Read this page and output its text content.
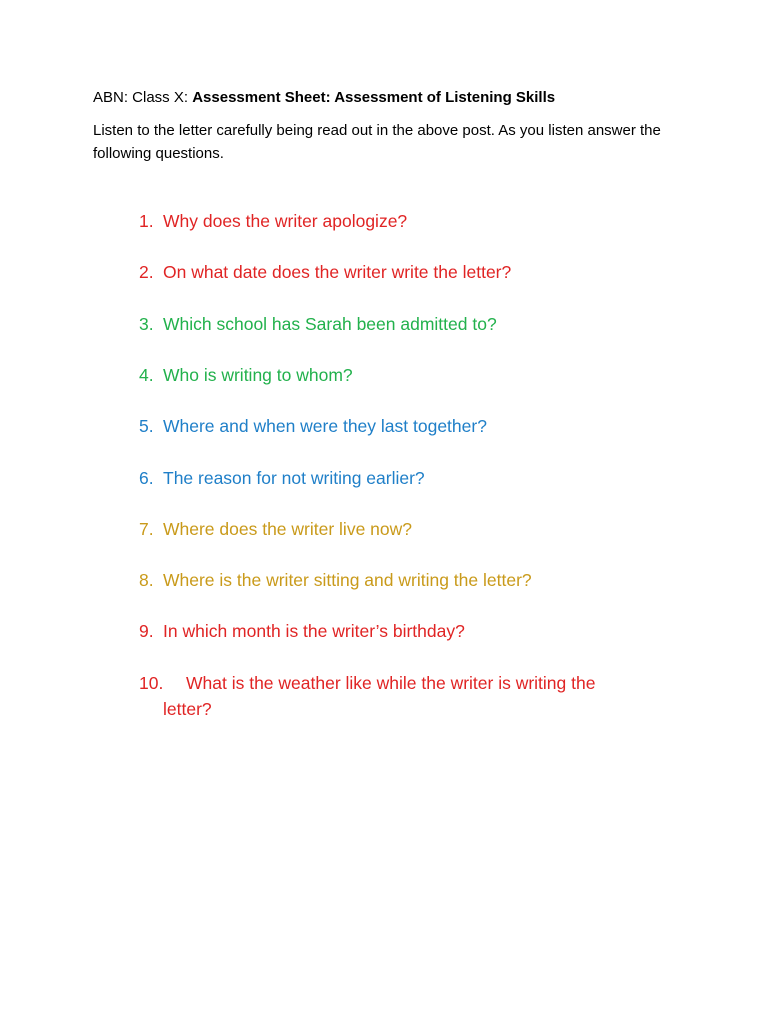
ABN: Class X: Assessment Sheet: Assessment of Listening Skills
Listen to the letter carefully being read out in the above post. As you listen answer the following questions.
1. Why does the writer apologize?
2. On what date does the writer write the letter?
3. Which school has Sarah been admitted to?
4. Who is writing to whom?
5. Where and when were they last together?
6. The reason for not writing earlier?
7. Where does the writer live now?
8. Where is the writer sitting and writing the letter?
9. In which month is the writer’s birthday?
10. What is the weather like while the writer is writing the
letter?
